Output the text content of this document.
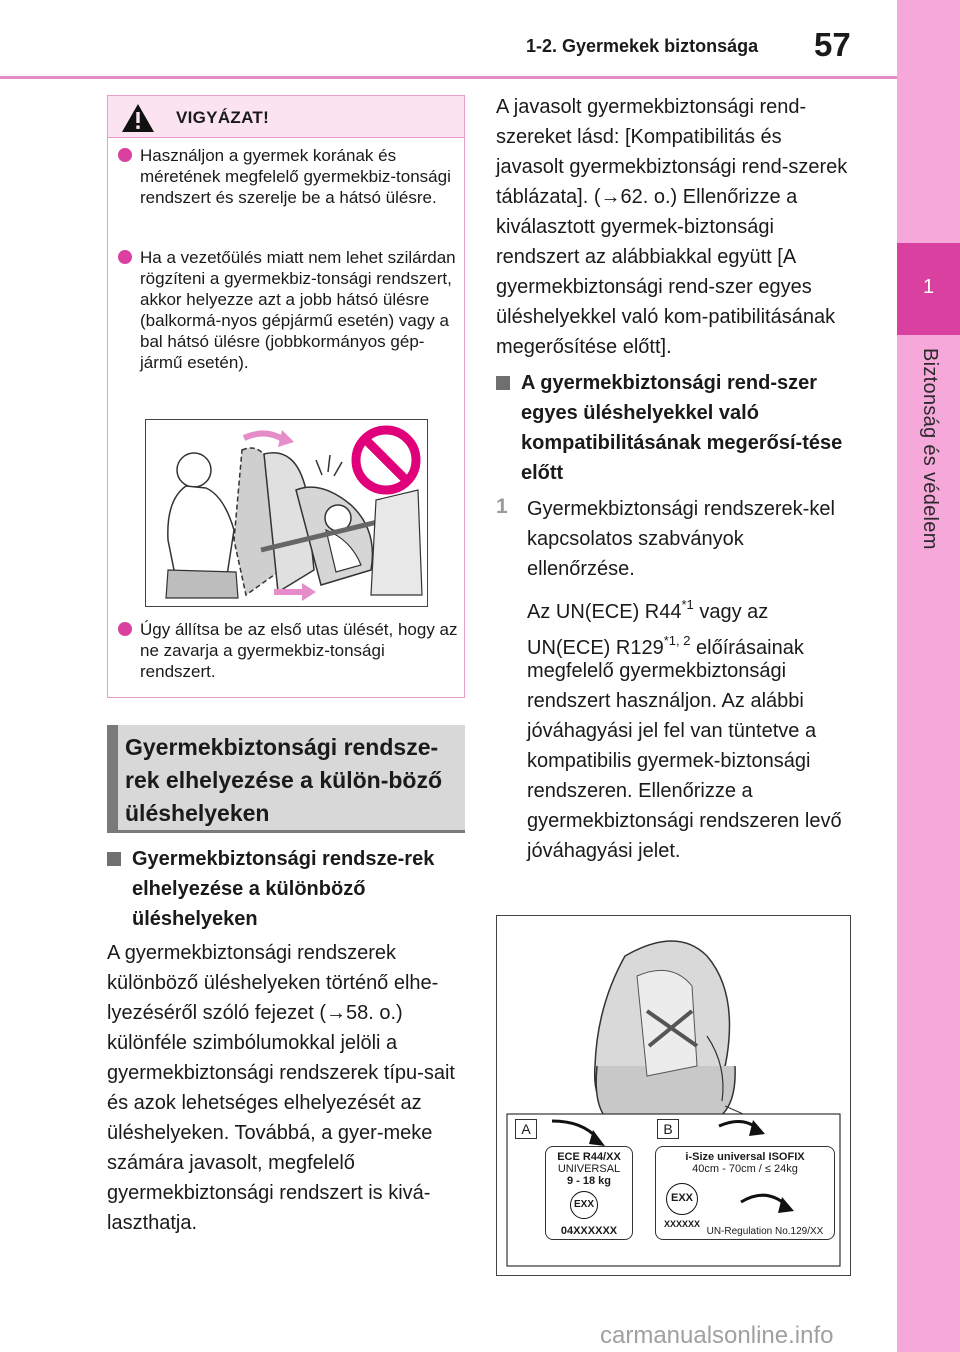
1-2. Gyermekek biztonsága 57
1
Biztonság és védelem
VIGYÁZAT!
Használjon a gyermek korának és méretének megfelelő gyermekbiz-tonsági rendszert és szerelje be a hátsó ülésre.
Ha a vezetőülés miatt nem lehet szilárdan rögzíteni a gyermekbiz-tonsági rendszert, akkor helyezze azt a jobb hátsó ülésre (balkormá-nyos gépjármű esetén) vagy a bal hátsó ülésre (jobbkormányos gép-jármű esetén).
Úgy állítsa be az első utas ülését, hogy az ne zavarja a gyermekbiz-tonsági rendszert.
Gyermekbiztonsági rendsze-rek elhelyezése a külön-böző üléshelyeken
Gyermekbiztonsági rendsze-rek elhelyezése a különböző üléshelyeken
A gyermekbiztonsági rendszerek különböző üléshelyeken történő elhe-lyezéséről szóló fejezet (→58. o.) különféle szimbólumokkal jelöli a gyermekbiztonsági rendszerek típu-sait és azok lehetséges elhelyezését az üléshelyeken. Továbbá, a gyer-meke számára javasolt, megfelelő gyermekbiztonsági rendszert is kivá-laszthatja.
A javasolt gyermekbiztonsági rend-szereket lásd: [Kompatibilitás és javasolt gyermekbiztonsági rend-szerek táblázata]. (→62. o.) Ellenőrizze a kiválasztott gyermek-biztonsági rendszert az alábbiakkal együtt [A gyermekbiztonsági rend-szer egyes üléshelyekkel való kom-patibilitásának megerősítése előtt].
A gyermekbiztonsági rend-szer egyes üléshelyekkel való kompatibilitásának megerősí-tése előtt
1 Gyermekbiztonsági rendszerek-kel kapcsolatos szabványok ellenőrzése.
Az UN(ECE) R44$^{*1}$ vagy az
UN(ECE) R129$^{*1, 2}$ előírásainak
megfelelő gyermekbiztonsági rendszert használjon. Az alábbi jóváhagyási jel fel van tüntetve a kompatibilis gyermek-biztonsági rendszeren. Ellenőrizze a gyermekbiztonsági rendszeren levő jóváhagyási jelet.
A	B
ECE R44/XX
UNIVERSAL
9 - 18 kg
EXX
04XXXXXX
i-Size universal ISOFIX
40cm - 70cm / ≤ 24kg
EXX
XXXXXX
UN-Regulation No.129/XX
carmanualsonline.info
